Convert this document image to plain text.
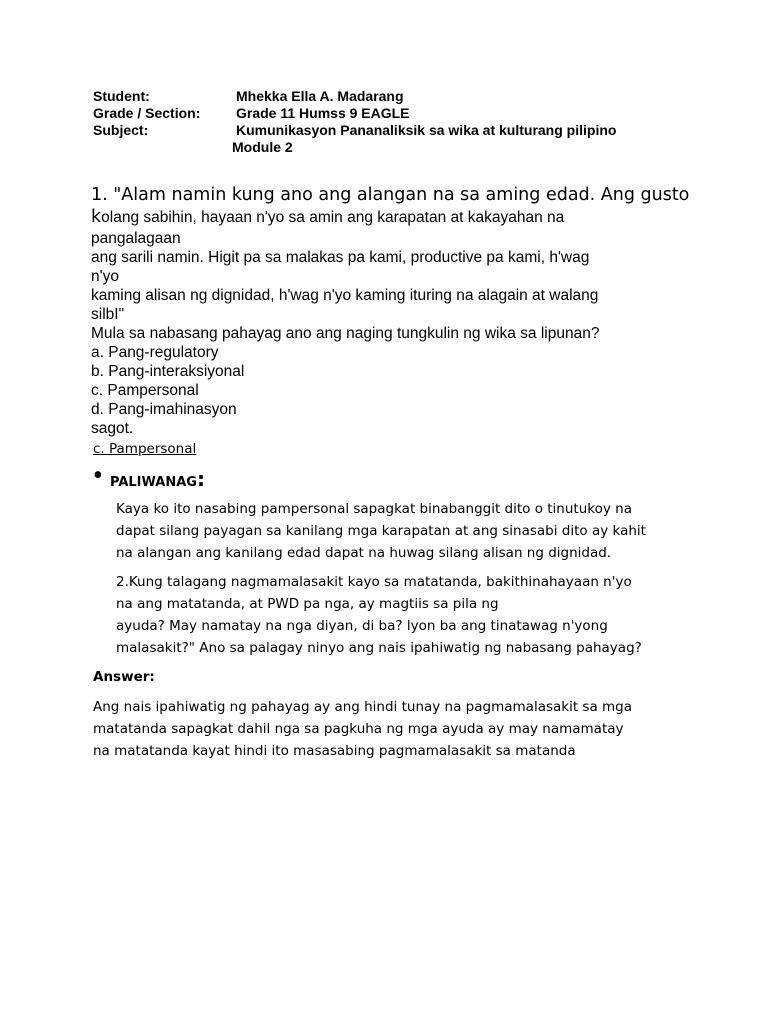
Student:	Mhekka Ella A. Madarang
Grade / Section:	Grade 11 Humss 9 EAGLE
Subject:	Kumunikasyon Pananaliksik sa wika at kulturang pilipino
Module 2
1. "Alam namin kung ano ang alangan na sa aming edad. Ang gusto
kolang sabihin, hayaan n'yo sa amin ang karapatan at kakayahan na
pangalagaan
ang sarili namin. Higit pa sa malakas pa kami, productive pa kami, h'wag
n'yo
kaming alisan ng dignidad, h'wag n'yo kaming ituring na alagain at walang
silbI"
Mula sa nabasang pahayag ano ang naging tungkulin ng wika sa lipunan?
a. Pang-regulatory
b. Pang-interaksiyonal
c. Pampersonal
d. Pang-imahinasyon
sagot.
c. Pampersonal
• PALIWANAG:
Kaya ko ito nasabing pampersonal sapagkat binabanggit dito o tinutukoy na
dapat silang payagan sa kanilang mga karapatan at ang sinasabi dito ay kahit
na alangan ang kanilang edad dapat na huwag silang alisan ng dignidad.
2.Kung talagang nagmamalasakit kayo sa matatanda, bakithinahayaan n'yo
na ang matatanda, at PWD pa nga, ay magtiis sa pila ng
ayuda? May namatay na nga diyan, di ba? lyon ba ang tinatawag n'yong
malasakit?" Ano sa palagay ninyo ang nais ipahiwatig ng nabasang pahayag?
Answer:
Ang nais ipahiwatig ng pahayag ay ang hindi tunay na pagmamalasakit sa mga
matatanda sapagkat dahil nga sa pagkuha ng mga ayuda ay may namamatay
na matatanda kayat hindi ito masasabing pagmamalasakit sa matanda
